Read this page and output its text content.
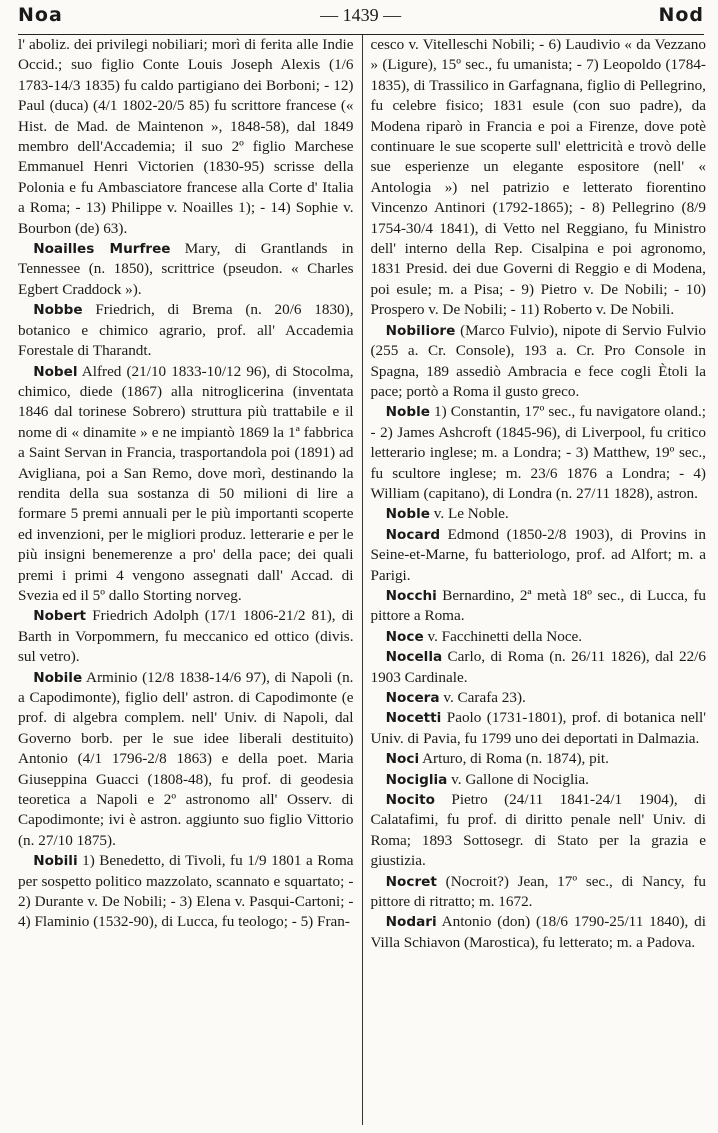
Noa	— 1439 —	Nod

l' aboliz. dei privilegi nobiliari; morì di ferita alle Indie Occid.; suo figlio Conte Louis Joseph Alexis (1/6 1783-14/3 1835) fu caldo partigiano dei Borboni; - 12) Paul (duca) (4/1 1802-20/5 85) fu scrittore francese (« Hist. de Mad. de Maintenon », 1848-58), dal 1849 membro dell'Accademia; il suo 2º figlio Marchese Emmanuel Henri Victorien (1830-95) scrisse della Polonia e fu Ambasciatore francese alla Corte d' Italia a Roma; - 13) Philippe v. Noailles 1); - 14) Sophie v. Bourbon (de) 63).

Noailles Murfree Mary, di Grantlands in Tennessee (n. 1850), scrittrice (pseudon. « Charles Egbert Craddock »).

Nobbe Friedrich, di Brema (n. 20/6 1830), botanico e chimico agrario, prof. all' Accademia Forestale di Tharandt.

Nobel Alfred (21/10 1833-10/12 96), di Stocolma, chimico, diede (1867) alla nitroglicerina (inventata 1846 dal torinese Sobrero) struttura più trattabile e il nome di « dinamite » e ne impiantò 1869 la 1ª fabbrica a Saint Servan in Francia, trasportandola poi (1891) ad Avigliana, poi a San Remo, dove morì, destinando la rendita della sua sostanza di 50 milioni di lire a formare 5 premi annuali per le più importanti scoperte ed invenzioni, per le migliori produz. letterarie e per le più insigni benemerenze a pro' della pace; dei quali premi i primi 4 vengono assegnati dall' Accad. di Svezia ed il 5º dallo Storting norveg.

Nobert Friedrich Adolph (17/1 1806-21/2 81), di Barth in Vorpommern, fu meccanico ed ottico (divis. sul vetro).

Nobile Arminio (12/8 1838-14/6 97), di Napoli (n. a Capodimonte), figlio dell' astron. di Capodimonte (e prof. di algebra complem. nell' Univ. di Napoli, dal Governo borb. per le sue idee liberali destituito) Antonio (4/1 1796-2/8 1863) e della poet. Maria Giuseppina Guacci (1808-48), fu prof. di geodesia teoretica a Napoli e 2º astronomo all' Osserv. di Capodimonte; ivi è astron. aggiunto suo figlio Vittorio (n. 27/10 1875).

Nobili 1) Benedetto, di Tivoli, fu 1/9 1801 a Roma per sospetto politico mazzolato, scannato e squartato; - 2) Durante v. De Nobili; - 3) Elena v. Pasqui-Cartoni; - 4) Flaminio (1532-90), di Lucca, fu teologo; - 5) Fran-

cesco v. Vitelleschi Nobili; - 6) Laudivio « da Vezzano » (Ligure), 15º sec., fu umanista; - 7) Leopoldo (1784-1835), di Trassilico in Garfagnana, figlio di Pellegrino, fu celebre fisico; 1831 esule (con suo padre), da Modena riparò in Francia e poi a Firenze, dove potè continuare le sue scoperte sull' elettricità e trovò delle sue esperienze un elegante espositore (nell' « Antologia ») nel patrizio e letterato fiorentino Vincenzo Antinori (1792-1865); - 8) Pellegrino (8/9 1754-30/4 1841), di Vetto nel Reggiano, fu Ministro dell' interno della Rep. Cisalpina e poi agronomo, 1831 Presid. dei due Governi di Reggio e di Modena, poi esule; m. a Pisa; - 9) Pietro v. De Nobili; - 10) Prospero v. De Nobili; - 11) Roberto v. De Nobili.

Nobiliore (Marco Fulvio), nipote di Servio Fulvio (255 a. Cr. Console), 193 a. Cr. Pro Console in Spagna, 189 assediò Ambracia e fece cogli Ètoli la pace; portò a Roma il gusto greco.

Noble 1) Constantin, 17º sec., fu navigatore oland.; - 2) James Ashcroft (1845-96), di Liverpool, fu critico letterario inglese; m. a Londra; - 3) Matthew, 19º sec., fu scultore inglese; m. 23/6 1876 a Londra; - 4) William (capitano), di Londra (n. 27/11 1828), astron.

Noble v. Le Noble.

Nocard Edmond (1850-2/8 1903), di Provins in Seine-et-Marne, fu batteriologo, prof. ad Alfort; m. a Parigi.

Nocchi Bernardino, 2ª metà 18º sec., di Lucca, fu pittore a Roma.

Noce v. Facchinetti della Noce.

Nocella Carlo, di Roma (n. 26/11 1826), dal 22/6 1903 Cardinale.

Nocera v. Carafa 23).

Nocetti Paolo (1731-1801), prof. di botanica nell' Univ. di Pavia, fu 1799 uno dei deportati in Dalmazia.

Noci Arturo, di Roma (n. 1874), pit.

Nociglia v. Gallone di Nociglia.

Nocito Pietro (24/11 1841-24/1 1904), di Calatafimi, fu prof. di diritto penale nell' Univ. di Roma; 1893 Sottosegr. di Stato per la grazia e giustizia.

Nocret (Nocroit?) Jean, 17º sec., di Nancy, fu pittore di ritratto; m. 1672.

Nodari Antonio (don) (18/6 1790-25/11 1840), di Villa Schiavon (Marostica), fu letterato; m. a Padova.
